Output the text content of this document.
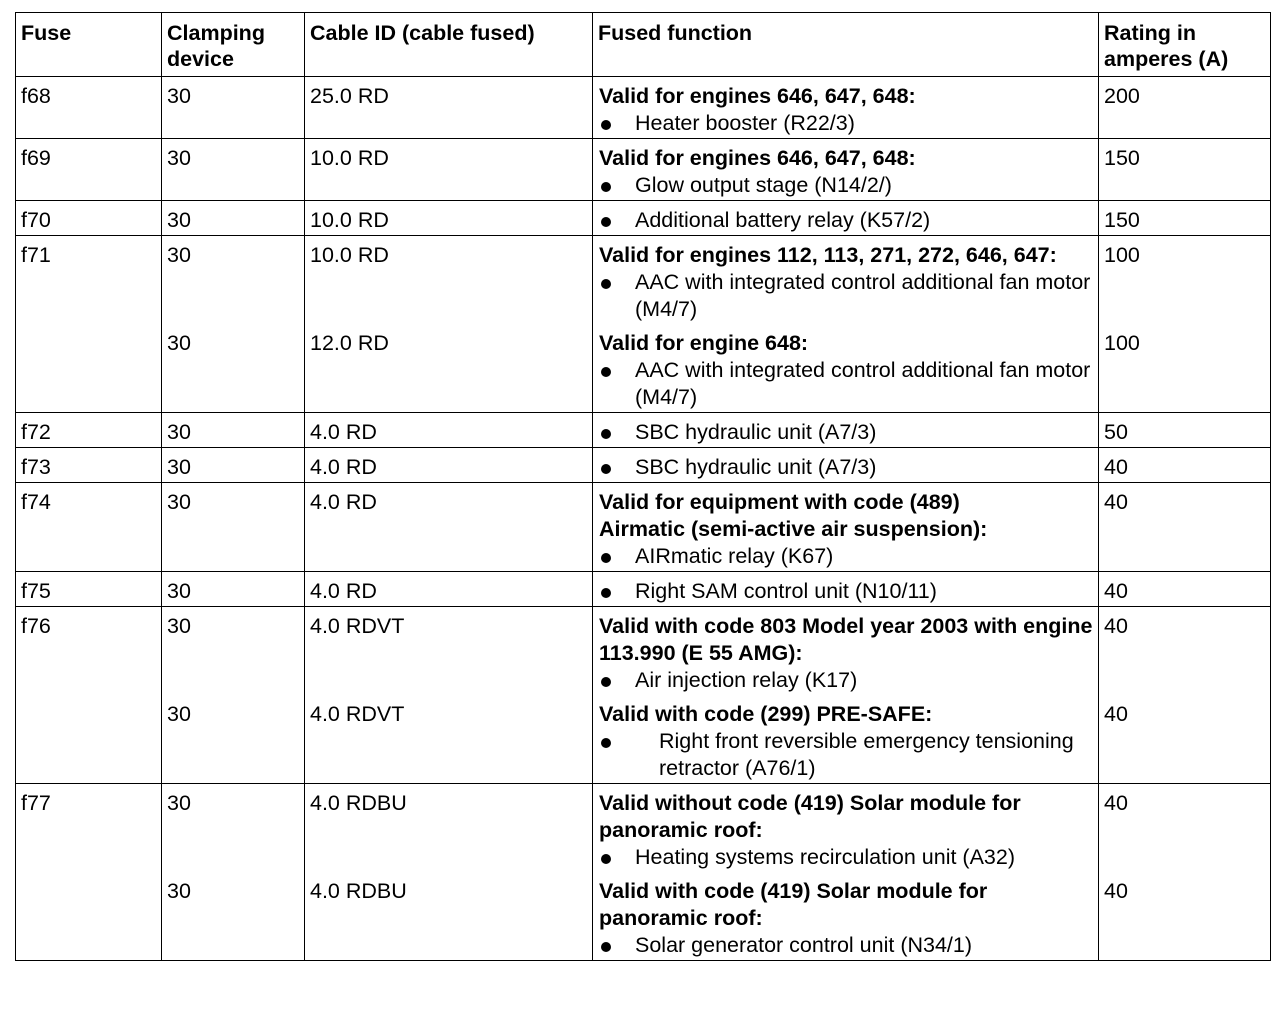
Fuse	Clamping device	Cable ID (cable fused)	Fused function	Rating in amperes (A)
f68	30	25.0 RD	Valid for engines 646, 647, 648:
Heater booster (R22/3)	200
f69	30	10.0 RD	Valid for engines 646, 647, 648:
Glow output stage (N14/2/)	150
f70	30	10.0 RD	Additional battery relay (K57/2)	150
f71	30	10.0 RD	Valid for engines 112, 113, 271, 272, 646, 647:
AAC with integrated control additional fan motor (M4/7)	100
	30	12.0 RD	Valid for engine 648:
AAC with integrated control additional fan motor (M4/7)	100
f72	30	4.0 RD	SBC hydraulic unit (A7/3)	50
f73	30	4.0 RD	SBC hydraulic unit (A7/3)	40
f74	30	4.0 RD	Valid for equipment with code (489)
Airmatic (semi-active air suspension):
AIRmatic relay (K67)	40
f75	30	4.0 RD	Right SAM control unit (N10/11)	40
f76	30	4.0 RDVT	Valid with code 803 Model year 2003 with engine 113.990 (E 55 AMG):
Air injection relay (K17)	40
	30	4.0 RDVT	Valid with code (299) PRE-SAFE:
Right front reversible emergency tensioning retractor (A76/1)	40
f77	30	4.0 RDBU	Valid without code (419) Solar module for panoramic roof:
Heating systems recirculation unit (A32)	40
	30	4.0 RDBU	Valid with code (419) Solar module for panoramic roof:
Solar generator control unit (N34/1)	40
